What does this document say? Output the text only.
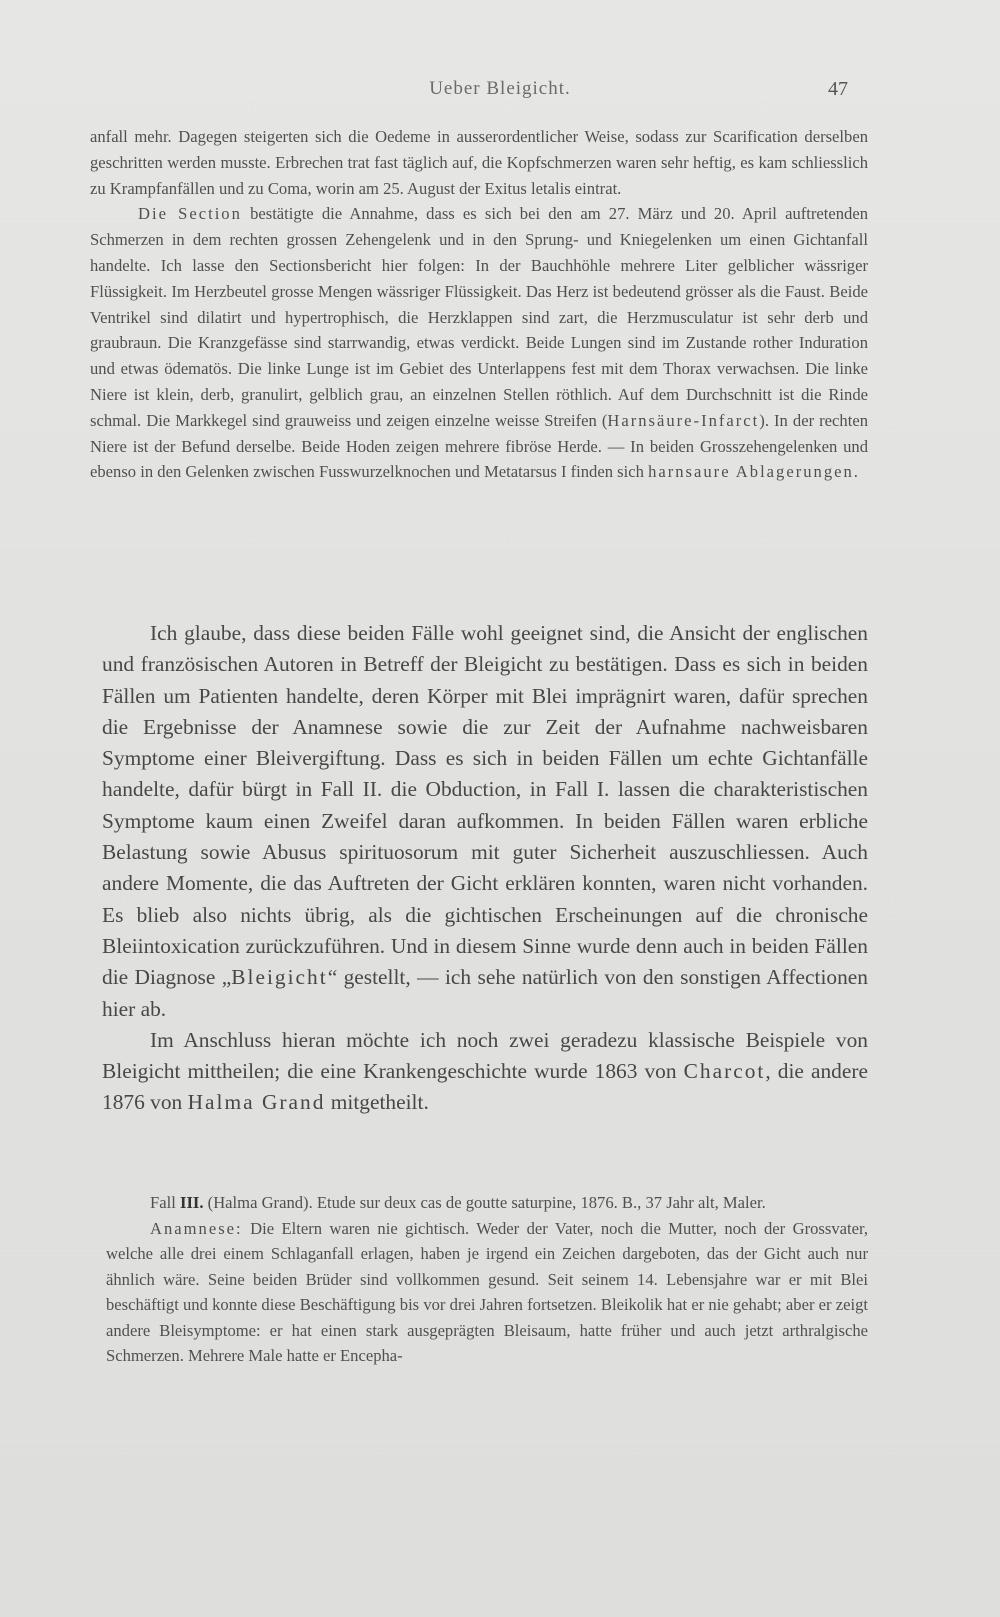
Ueber Bleigicht.	47

anfall mehr. Dagegen steigerten sich die Oedeme in ausserordentlicher Weise, sodass zur Scarification derselben geschritten werden musste. Erbrechen trat fast täglich auf, die Kopfschmerzen waren sehr heftig, es kam schliesslich zu Krampfanfällen und zu Coma, worin am 25. August der Exitus letalis eintrat.

Die Section bestätigte die Annahme, dass es sich bei den am 27. März und 20. April auftretenden Schmerzen in dem rechten grossen Zehengelenk und in den Sprung- und Kniegelenken um einen Gichtanfall handelte. Ich lasse den Sectionsbericht hier folgen: In der Bauchhöhle mehrere Liter gelblicher wässriger Flüssigkeit. Im Herzbeutel grosse Mengen wässriger Flüssigkeit. Das Herz ist bedeutend grösser als die Faust. Beide Ventrikel sind dilatirt und hypertrophisch, die Herzklappen sind zart, die Herzmusculatur ist sehr derb und graubraun. Die Kranzgefässe sind starrwandig, etwas verdickt. Beide Lungen sind im Zustande rother Induration und etwas ödematös. Die linke Lunge ist im Gebiet des Unterlappens fest mit dem Thorax verwachsen. Die linke Niere ist klein, derb, granulirt, gelblich grau, an einzelnen Stellen röthlich. Auf dem Durchschnitt ist die Rinde schmal. Die Markkegel sind grauweiss und zeigen einzelne weisse Streifen (Harnsäure-Infarct). In der rechten Niere ist der Befund derselbe. Beide Hoden zeigen mehrere fibröse Herde. — In beiden Grosszehengelenken und ebenso in den Gelenken zwischen Fusswurzelknochen und Metatarsus I finden sich harnsaure Ablagerungen.

Ich glaube, dass diese beiden Fälle wohl geeignet sind, die Ansicht der englischen und französischen Autoren in Betreff der Bleigicht zu bestätigen. Dass es sich in beiden Fällen um Patienten handelte, deren Körper mit Blei imprägnirt waren, dafür sprechen die Ergebnisse der Anamnese sowie die zur Zeit der Aufnahme nachweisbaren Symptome einer Bleivergiftung. Dass es sich in beiden Fällen um echte Gichtanfälle handelte, dafür bürgt in Fall II. die Obduction, in Fall I. lassen die charakteristischen Symptome kaum einen Zweifel daran aufkommen. In beiden Fällen waren erbliche Belastung sowie Abusus spirituosorum mit guter Sicherheit auszuschliessen. Auch andere Momente, die das Auftreten der Gicht erklären konnten, waren nicht vorhanden. Es blieb also nichts übrig, als die gichtischen Erscheinungen auf die chronische Bleiintoxication zurückzuführen. Und in diesem Sinne wurde denn auch in beiden Fällen die Diagnose „Bleigicht“ gestellt, — ich sehe natürlich von den sonstigen Affectionen hier ab.

Im Anschluss hieran möchte ich noch zwei geradezu klassische Beispiele von Bleigicht mittheilen; die eine Krankengeschichte wurde 1863 von Charcot, die andere 1876 von Halma Grand mitgetheilt.

Fall III. (Halma Grand). Etude sur deux cas de goutte saturpine, 1876. B., 37 Jahr alt, Maler.

Anamnese: Die Eltern waren nie gichtisch. Weder der Vater, noch die Mutter, noch der Grossvater, welche alle drei einem Schlaganfall erlagen, haben je irgend ein Zeichen dargeboten, das der Gicht auch nur ähnlich wäre. Seine beiden Brüder sind vollkommen gesund. Seit seinem 14. Lebensjahre war er mit Blei beschäftigt und konnte diese Beschäftigung bis vor drei Jahren fortsetzen. Bleikolik hat er nie gehabt; aber er zeigt andere Bleisymptome: er hat einen stark ausgeprägten Bleisaum, hatte früher und auch jetzt arthralgische Schmerzen. Mehrere Male hatte er Encepha-
